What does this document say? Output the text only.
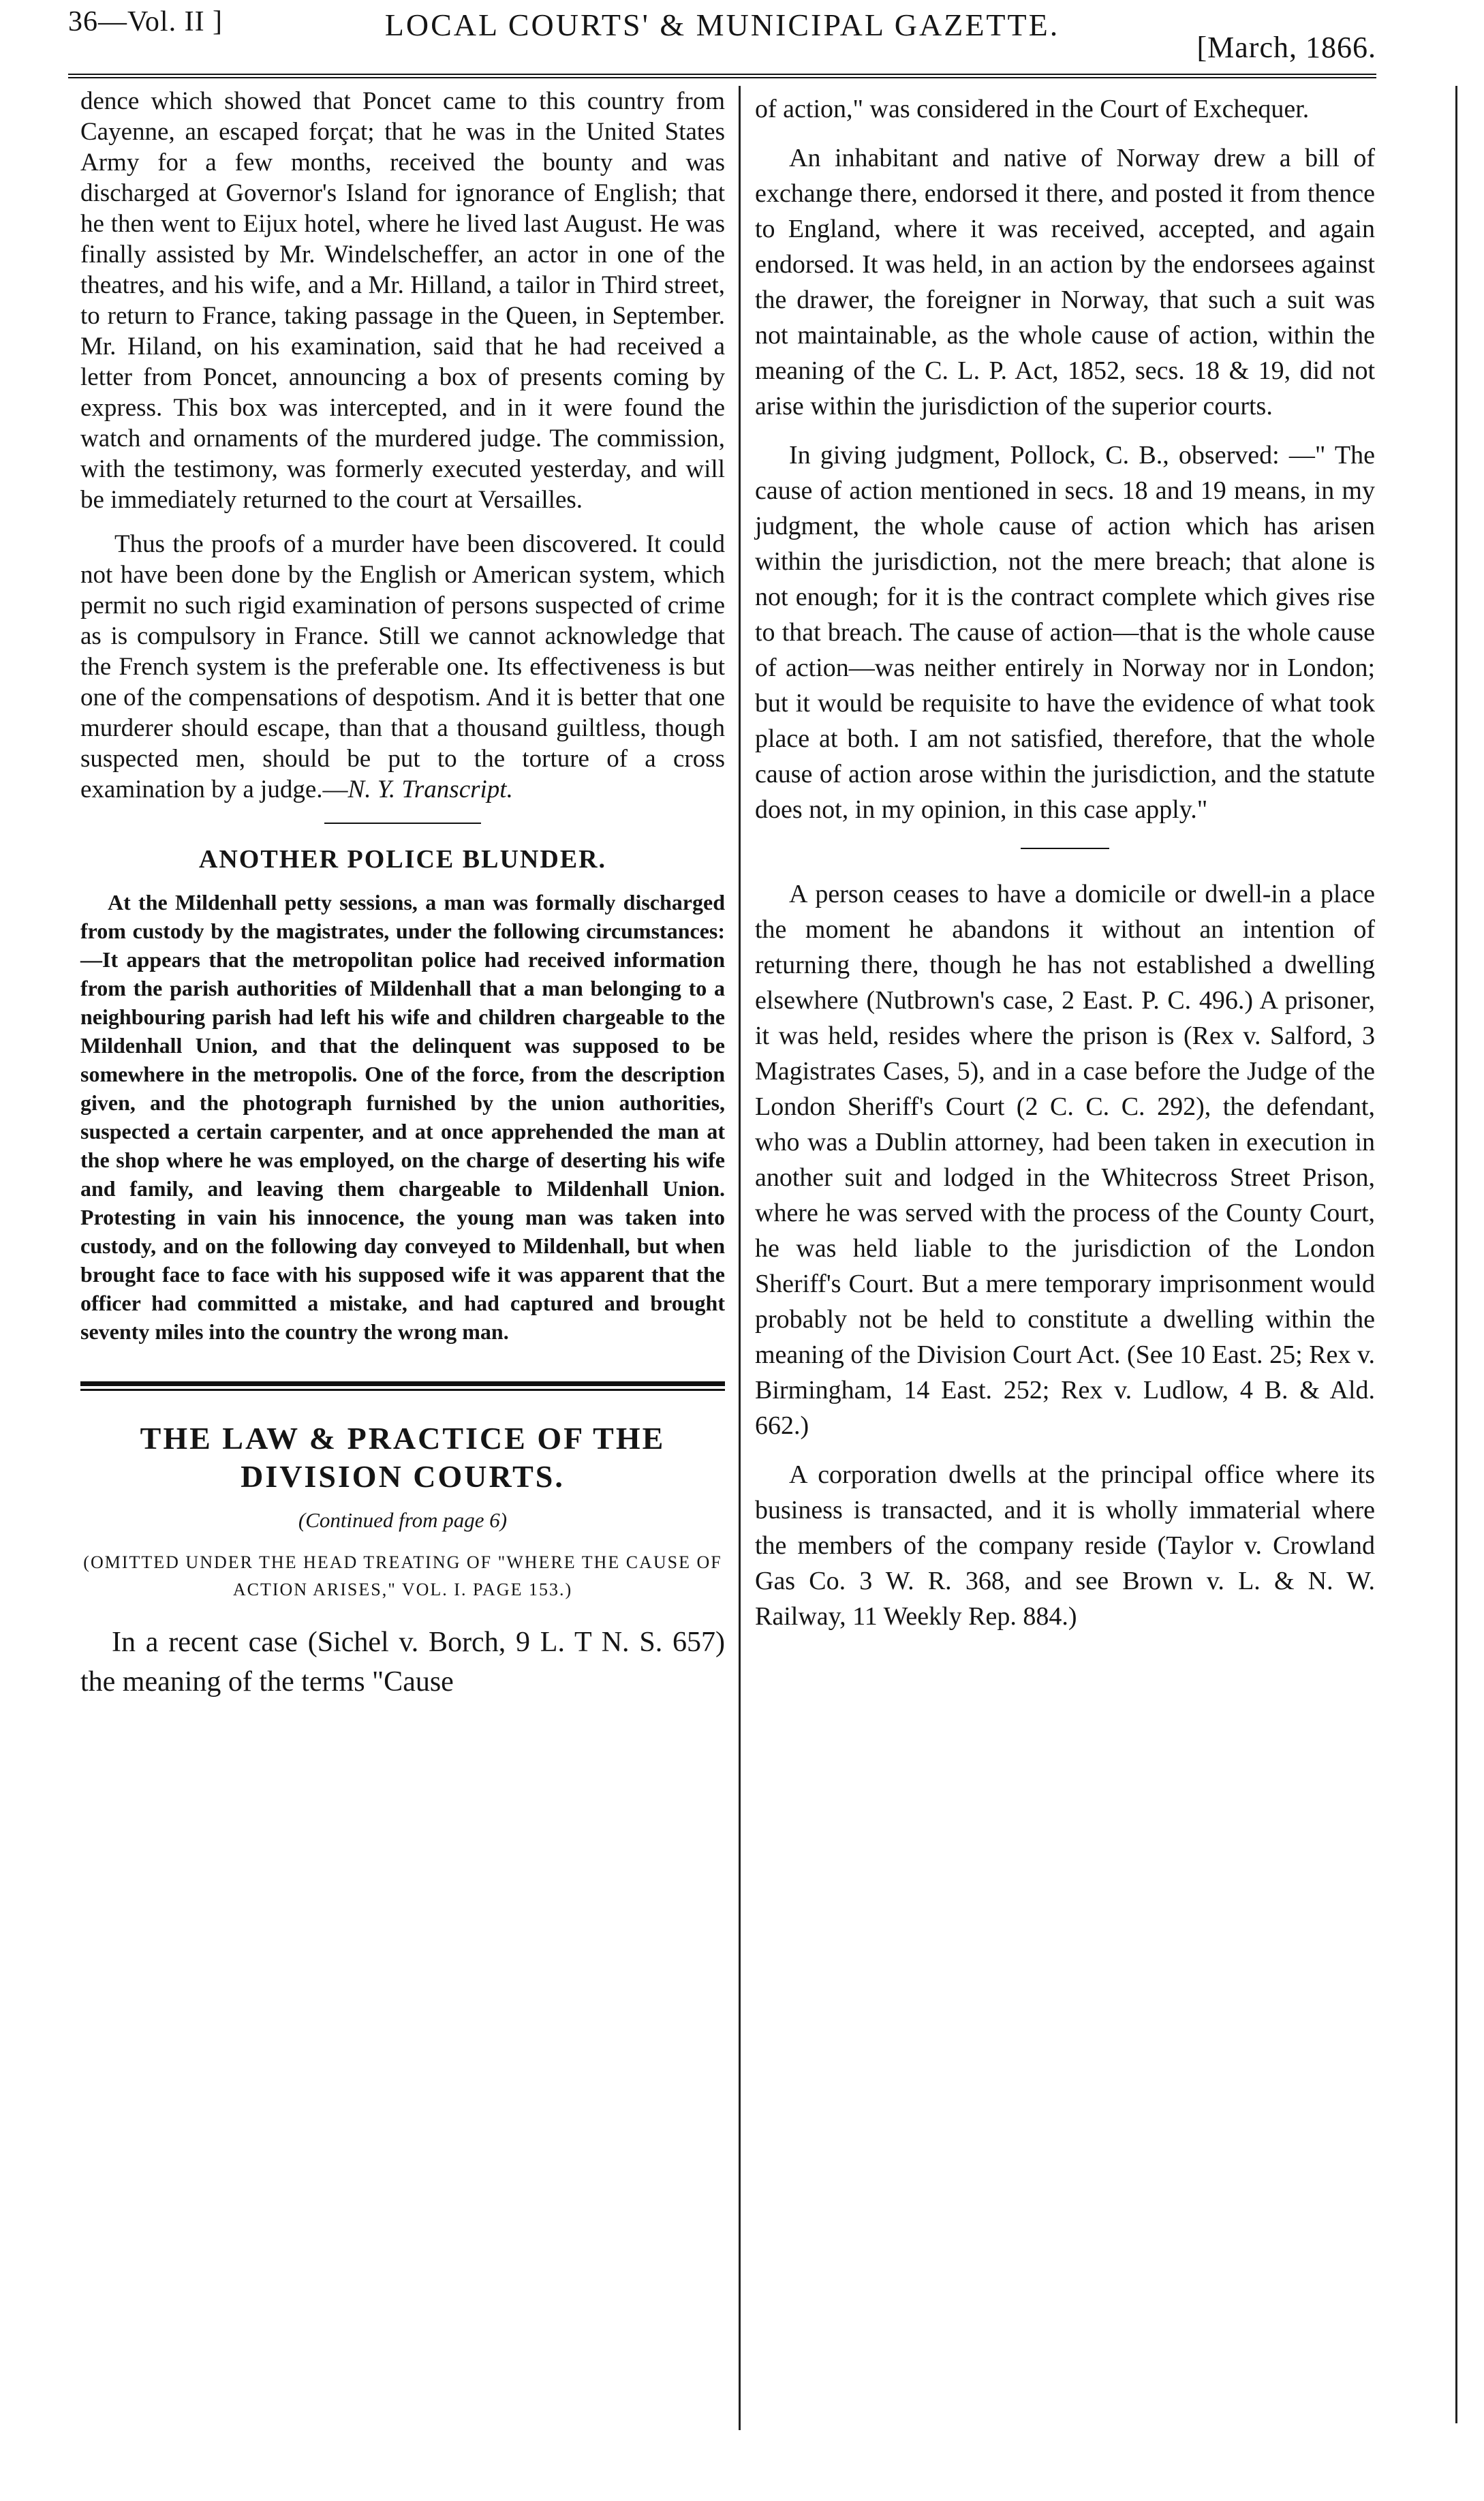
36—Vol. II ]	LOCAL COURTS' & MUNICIPAL GAZETTE.
[March, 1866.

dence which showed that Poncet came to this country from Cayenne, an escaped forçat; that he was in the United States Army for a few months, received the bounty and was discharged at Governor's Island for ignorance of English; that he then went to Eijux hotel, where he lived last August. He was finally assisted by Mr. Windelscheffer, an actor in one of the theatres, and his wife, and a Mr. Hilland, a tailor in Third street, to return to France, taking passage in the Queen, in September. Mr. Hiland, on his examination, said that he had received a letter from Poncet, announcing a box of presents coming by express. This box was intercepted, and in it were found the watch and ornaments of the murdered judge. The commission, with the testimony, was formerly executed yesterday, and will be immediately returned to the court at Versailles.

Thus the proofs of a murder have been discovered. It could not have been done by the English or American system, which permit no such rigid examination of persons suspected of crime as is compulsory in France. Still we cannot acknowledge that the French system is the preferable one. Its effectiveness is but one of the compensations of despotism. And it is better that one murderer should escape, than that a thousand guiltless, though suspected men, should be put to the torture of a cross examination by a judge.—N. Y. Transcript.

ANOTHER POLICE BLUNDER.

At the Mildenhall petty sessions, a man was formally discharged from custody by the magistrates, under the following circumstances:—It appears that the metropolitan police had received information from the parish authorities of Mildenhall that a man belonging to a neighbouring parish had left his wife and children chargeable to the Mildenhall Union, and that the delinquent was supposed to be somewhere in the metropolis. One of the force, from the description given, and the photograph furnished by the union authorities, suspected a certain carpenter, and at once apprehended the man at the shop where he was employed, on the charge of deserting his wife and family, and leaving them chargeable to Mildenhall Union. Protesting in vain his innocence, the young man was taken into custody, and on the following day conveyed to Mildenhall, but when brought face to face with his supposed wife it was apparent that the officer had committed a mistake, and had captured and brought seventy miles into the country the wrong man.

THE LAW & PRACTICE OF THE DIVISION COURTS.

(Continued from page 6)

(OMITTED UNDER THE HEAD TREATING OF "WHERE THE CAUSE OF ACTION ARISES," VOL. I. PAGE 153.)

In a recent case (Sichel v. Borch, 9 L. T N. S. 657) the meaning of the terms "Cause

of action," was considered in the Court of Exchequer.

An inhabitant and native of Norway drew a bill of exchange there, endorsed it there, and posted it from thence to England, where it was received, accepted, and again endorsed. It was held, in an action by the endorsees against the drawer, the foreigner in Norway, that such a suit was not maintainable, as the whole cause of action, within the meaning of the C. L. P. Act, 1852, secs. 18 & 19, did not arise within the jurisdiction of the superior courts.

In giving judgment, Pollock, C. B., observed: —" The cause of action mentioned in secs. 18 and 19 means, in my judgment, the whole cause of action which has arisen within the jurisdiction, not the mere breach; that alone is not enough; for it is the contract complete which gives rise to that breach. The cause of action—that is the whole cause of action—was neither entirely in Norway nor in London; but it would be requisite to have the evidence of what took place at both. I am not satisfied, therefore, that the whole cause of action arose within the jurisdiction, and the statute does not, in my opinion, in this case apply."

A person ceases to have a domicile or dwell-in a place the moment he abandons it without an intention of returning there, though he has not established a dwelling elsewhere (Nutbrown's case, 2 East. P. C. 496.) A prisoner, it was held, resides where the prison is (Rex v. Salford, 3 Magistrates Cases, 5), and in a case before the Judge of the London Sheriff's Court (2 C. C. C. 292), the defendant, who was a Dublin attorney, had been taken in execution in another suit and lodged in the Whitecross Street Prison, where he was served with the process of the County Court, he was held liable to the jurisdiction of the London Sheriff's Court. But a mere temporary imprisonment would probably not be held to constitute a dwelling within the meaning of the Division Court Act. (See 10 East. 25; Rex v. Birmingham, 14 East. 252; Rex v. Ludlow, 4 B. & Ald. 662.)

A corporation dwells at the principal office where its business is transacted, and it is wholly immaterial where the members of the company reside (Taylor v. Crowland Gas Co. 3 W. R. 368, and see Brown v. L. & N. W. Railway, 11 Weekly Rep. 884.)
